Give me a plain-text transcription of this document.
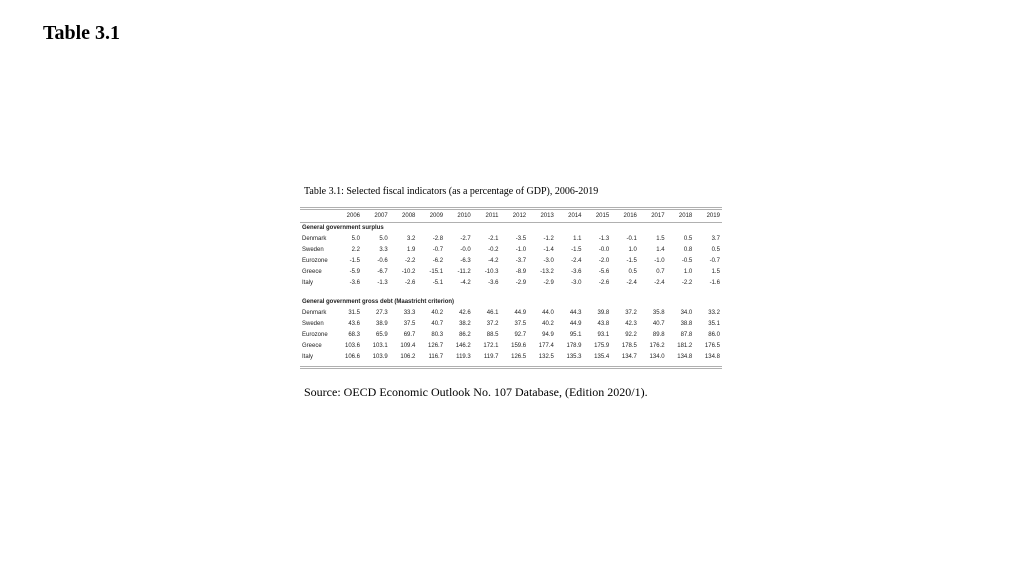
Table 3.1
Table 3.1: Selected fiscal indicators (as a percentage of GDP), 2006-2019
2006	2007	2008	2009	2010	2011	2012	2013	2014	2015	2016	2017	2018	2019
General government surplus
Denmark	5.0	5.0	3.2	-2.8	-2.7	-2.1	-3.5	-1.2	1.1	-1.3	-0.1	1.5	0.5	3.7
Sweden	2.2	3.3	1.9	-0.7	-0.0	-0.2	-1.0	-1.4	-1.5	-0.0	1.0	1.4	0.8	0.5
Eurozone	-1.5	-0.6	-2.2	-6.2	-6.3	-4.2	-3.7	-3.0	-2.4	-2.0	-1.5	-1.0	-0.5	-0.7
Greece	-5.9	-6.7	-10.2	-15.1	-11.2	-10.3	-8.9	-13.2	-3.6	-5.6	0.5	0.7	1.0	1.5
Italy	-3.6	-1.3	-2.6	-5.1	-4.2	-3.6	-2.9	-2.9	-3.0	-2.6	-2.4	-2.4	-2.2	-1.6
General government gross debt (Maastricht criterion)
Denmark	31.5	27.3	33.3	40.2	42.6	46.1	44.9	44.0	44.3	39.8	37.2	35.8	34.0	33.2
Sweden	43.6	38.9	37.5	40.7	38.2	37.2	37.5	40.2	44.9	43.8	42.3	40.7	38.8	35.1
Eurozone	68.3	65.9	69.7	80.3	86.2	88.5	92.7	94.9	95.1	93.1	92.2	89.8	87.8	86.0
Greece	103.6	103.1	109.4	126.7	146.2	172.1	159.6	177.4	178.9	175.9	178.5	176.2	181.2	176.5
Italy	106.6	103.9	106.2	116.7	119.3	119.7	126.5	132.5	135.3	135.4	134.7	134.0	134.8	134.8
Source: OECD Economic Outlook No. 107 Database, (Edition 2020/1).
